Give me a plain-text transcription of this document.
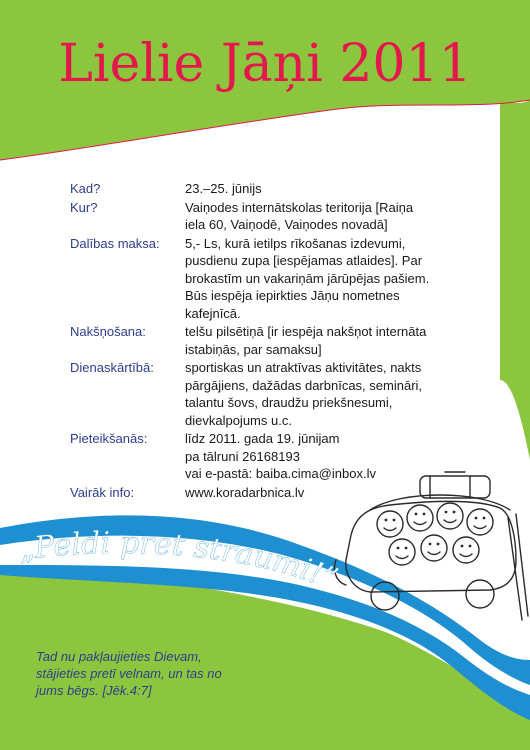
Lielie Jāņi 2011
Kad?	23.–25. jūnijs
Kur?	Vaiņodes internātskolas teritorija [Raiņa
iela 60, Vaiņodē, Vaiņodes novadā]
Dalības maksa:	5,- Ls, kurā ietilps rīkošanas izdevumi,
pusdienu zupa [iespējamas atlaides]. Par
brokastīm un vakariņām jārūpējas pašiem.
Būs iespēja iepirkties Jāņu nometnes
kafejnīcā.
Nakšņošana:	telšu pilsētiņā [ir iespēja nakšņot internāta
istabiņās, par samaksu]
Dienaskārtībā:	sportiskas un atraktīvas aktivitātes, nakts
pārgājiens, dažādas darbnīcas, semināri,
talantu šovs, draudžu priekšnesumi,
dievkalpojums u.c.
Pieteikšanās:	līdz 2011. gada 19. jūnijam
pa tālruni 26168193
vai e-pastā: baiba.cima@inbox.lv
Vairāk info:	www.koradarbnica.lv
„Peldi pret straumi!”
Tad nu pakļaujieties Dievam,
stājieties pretī velnam, un tas no
jums bēgs. [Jēk.4:7]
